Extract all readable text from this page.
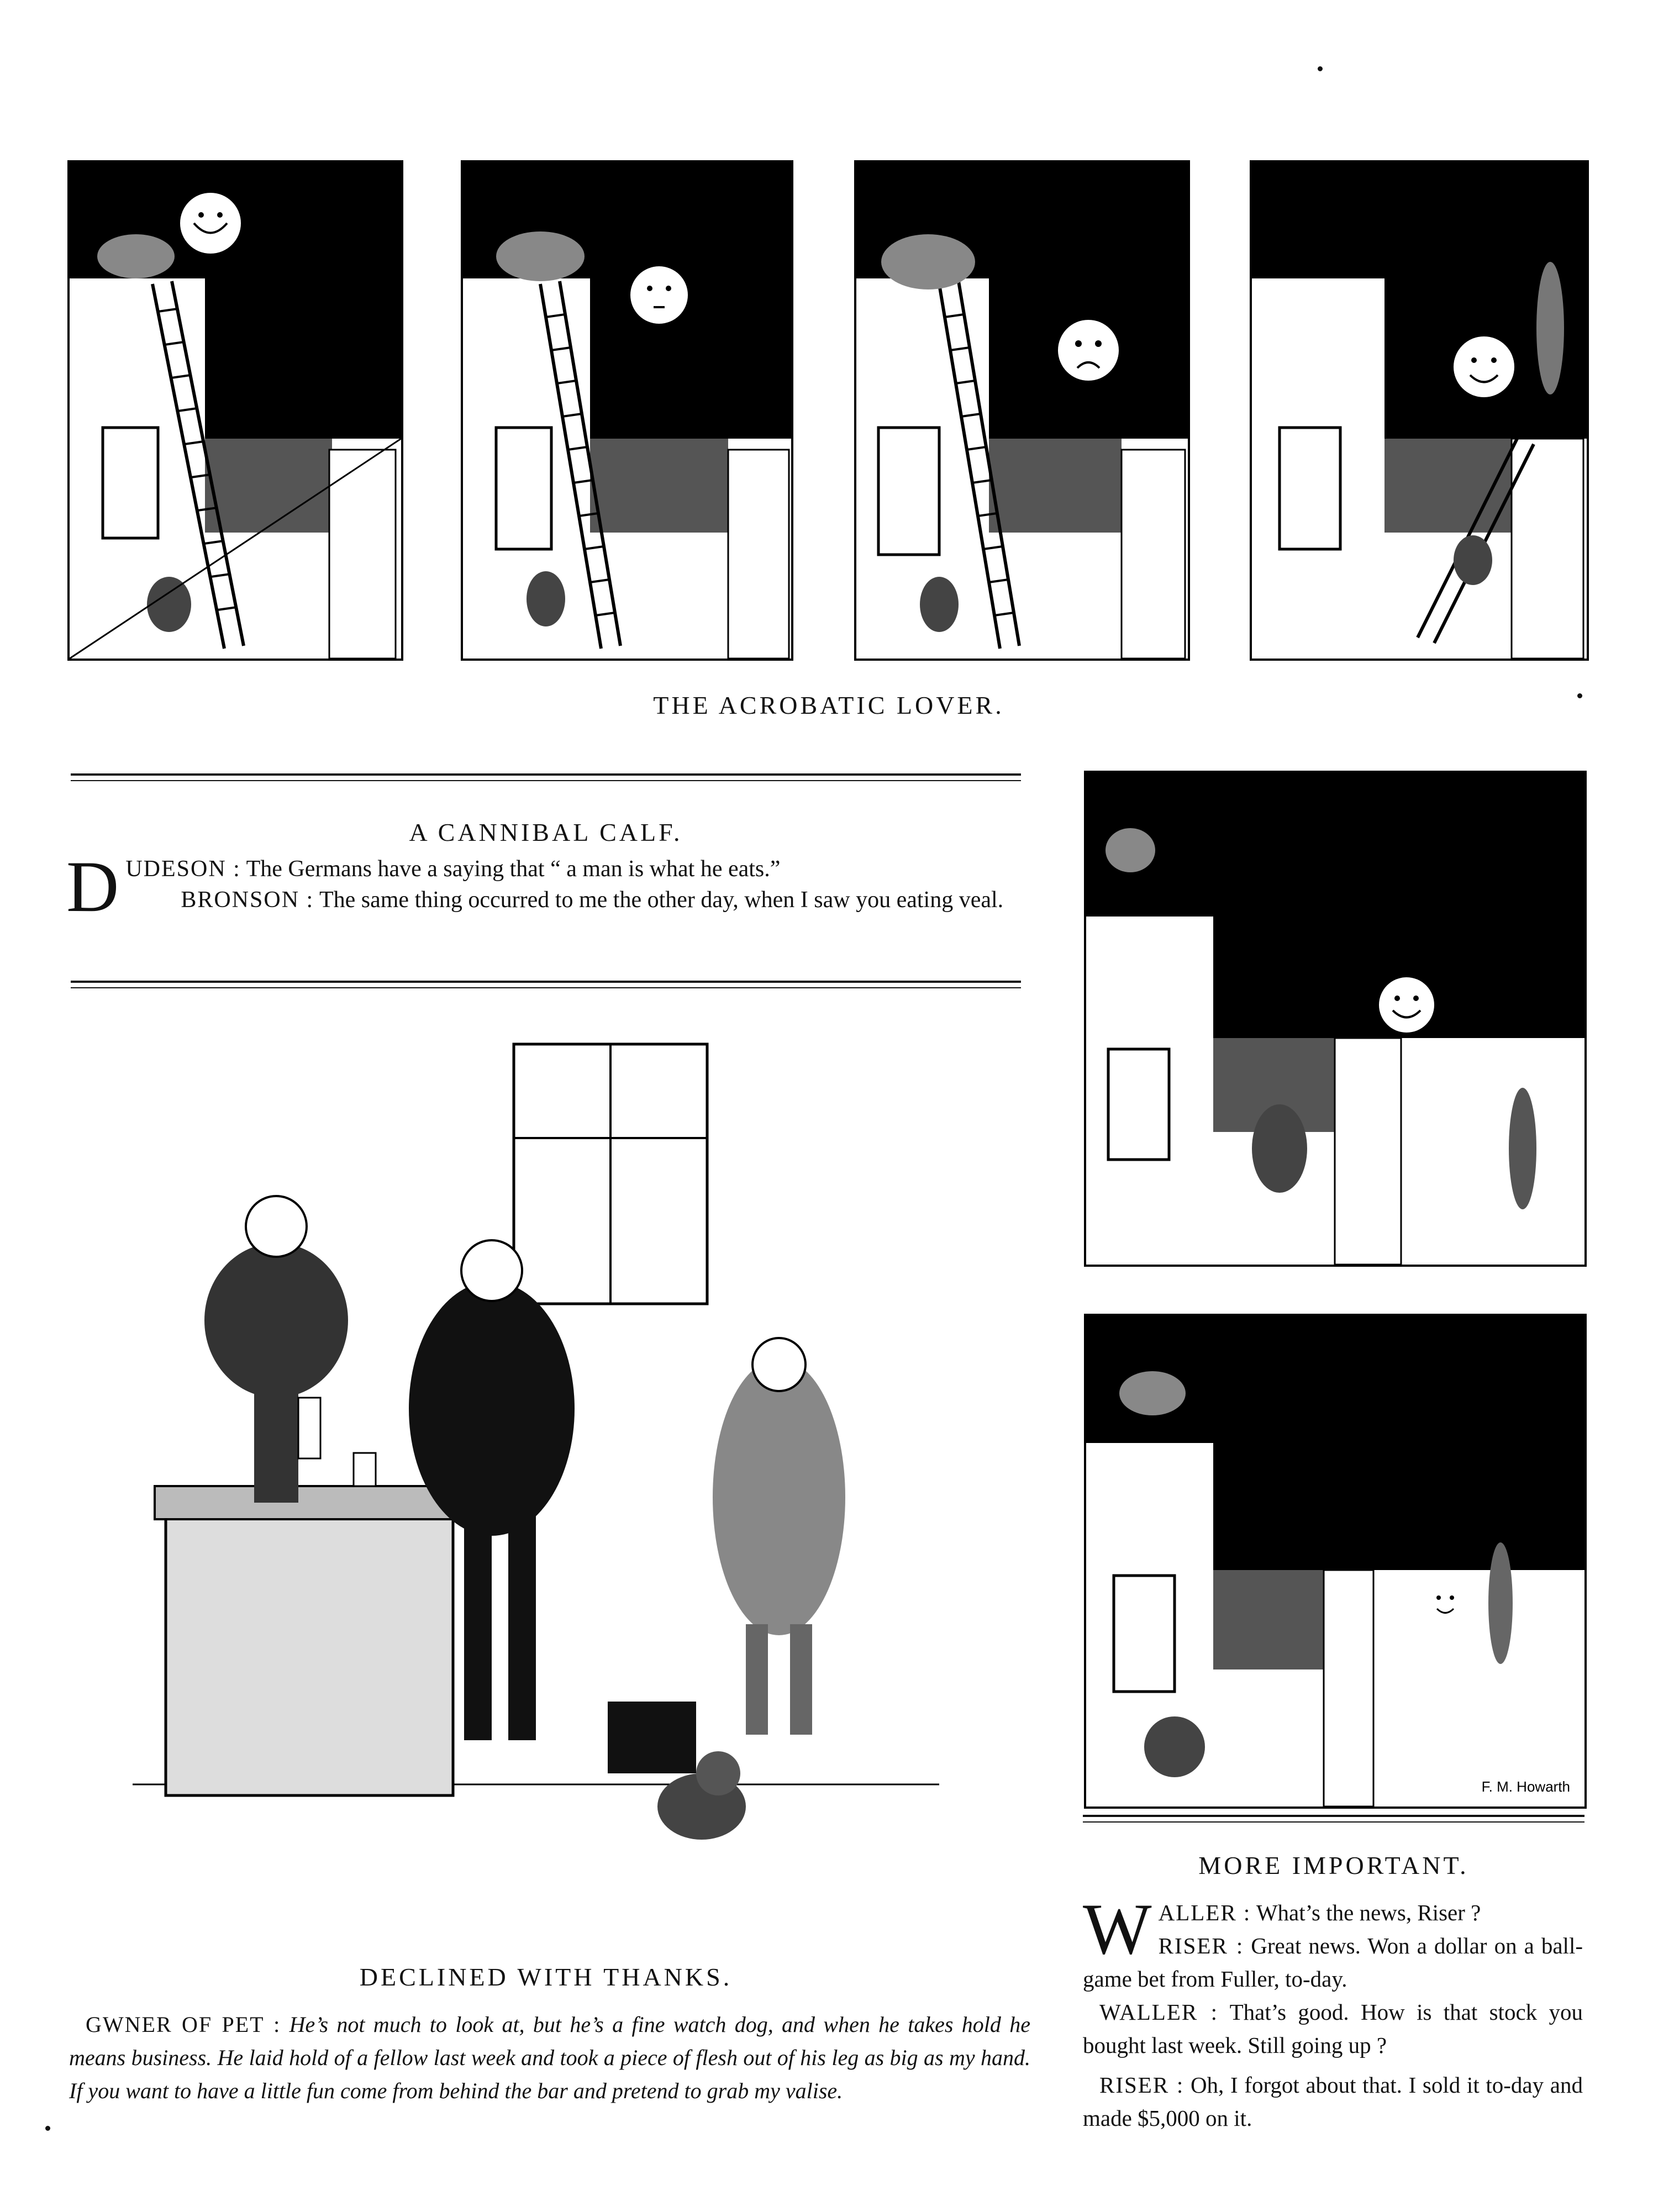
THE ACROBATIC LOVER.
F. M. Howarth
A CANNIBAL CALF.
D UDESON : The Germans have a saying that “ a man is what he eats.”
BRONSON : The same thing occurred to me the other day, when I saw you eating veal.
DECLINED WITH THANKS.
GWNER OF PET : He’s not much to look at, but he’s a fine watch dog, and when he takes hold he means business. He laid hold of a fellow last week and took a piece of flesh out of his leg as big as my hand. If you want to have a little fun come from behind the bar and pretend to grab my valise.
MORE IMPORTANT.
W ALLER : What’s the news, Riser ?
RISER : Great news. Won a dollar on a ball-game bet from Fuller, to-day.
WALLER : That’s good. How is that stock you bought last week. Still going up ?
RISER : Oh, I forgot about that. I sold it to-day and made $5,000 on it.
